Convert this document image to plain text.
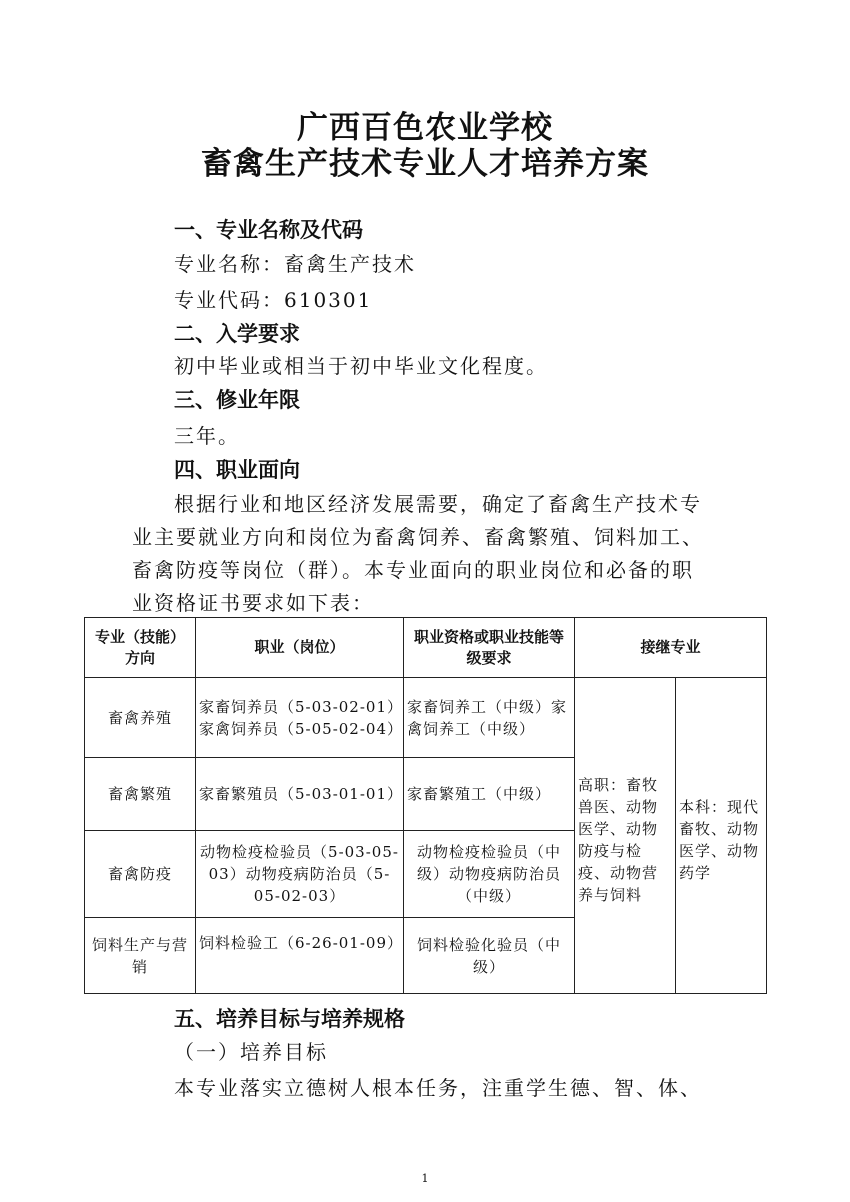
广西百色农业学校
畜禽生产技术专业人才培养方案
一、专业名称及代码
专业名称：畜禽生产技术
专业代码：610301
二、入学要求
初中毕业或相当于初中毕业文化程度。
三、修业年限
三年。
四、职业面向
根据行业和地区经济发展需要，确定了畜禽生产技术专
业主要就业方向和岗位为畜禽饲养、畜禽繁殖、饲料加工、
畜禽防疫等岗位（群）。本专业面向的职业岗位和必备的职
业资格证书要求如下表：
专业（技能）方向	职业（岗位）	职业资格或职业技能等级要求	接继专业	
畜禽养殖	家畜饲养员（5-03-02-01）家禽饲养员（5-05-02-04）	家畜饲养工（中级）家禽饲养工（中级）	高职：畜牧兽医、动物医学、动物防疫与检疫、动物营养与饲料	本科：现代畜牧、动物医学、动物药学
畜禽繁殖	家畜繁殖员（5-03-01-01）	家畜繁殖工（中级）		
畜禽防疫	动物检疫检验员（5-03-05-03）动物疫病防治员（5-05-02-03）	动物检疫检验员（中级）动物疫病防治员（中级）		
饲料生产与营销	饲料检验工（6-26-01-09）	饲料检验化验员（中级）		
五、培养目标与培养规格
（一）培养目标
本专业落实立德树人根本任务，注重学生德、智、体、
1
